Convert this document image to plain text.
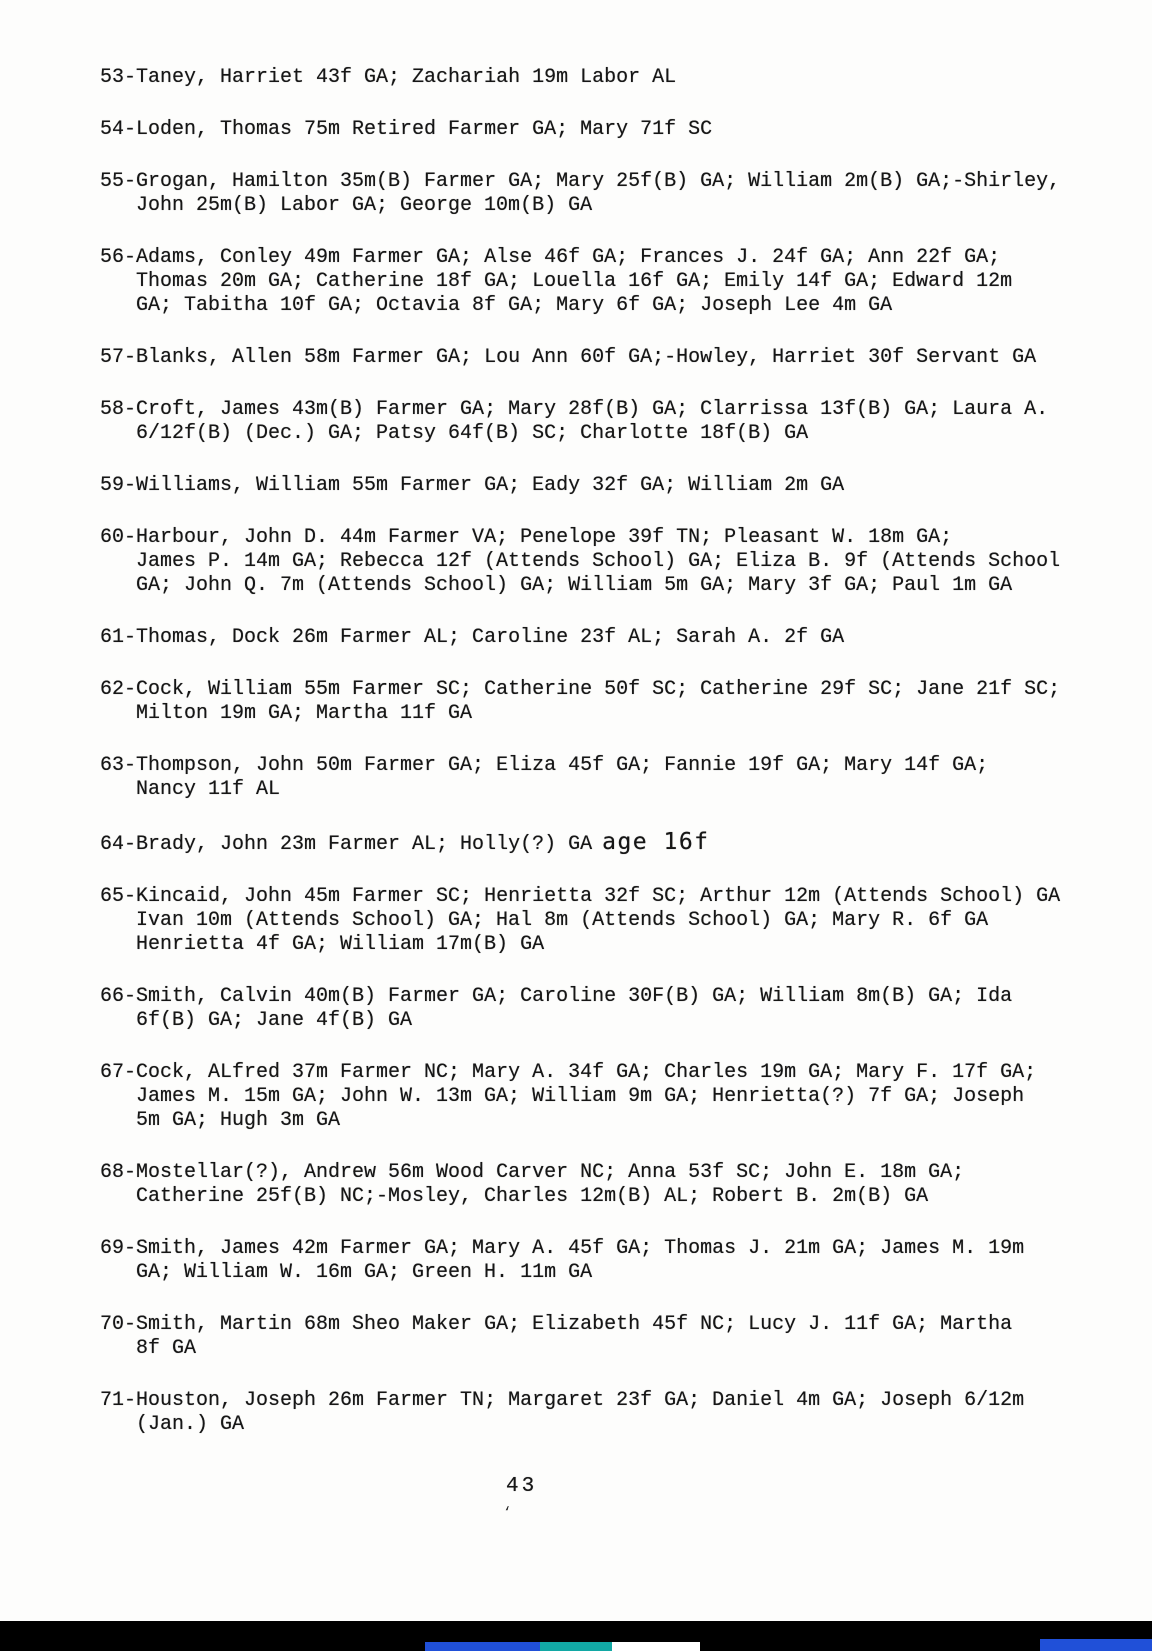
53-Taney, Harriet 43f GA; Zachariah 19m Labor AL
54-Loden, Thomas 75m Retired Farmer GA; Mary 71f SC
55-Grogan, Hamilton 35m(B) Farmer GA; Mary 25f(B) GA; William 2m(B) GA;-Shirley,
John 25m(B) Labor GA; George 10m(B) GA
56-Adams, Conley 49m Farmer GA; Alse 46f GA; Frances J. 24f GA; Ann 22f GA;
Thomas 20m GA; Catherine 18f GA; Louella 16f GA; Emily 14f GA; Edward 12m
GA; Tabitha 10f GA; Octavia 8f GA; Mary 6f GA; Joseph Lee 4m GA
57-Blanks, Allen 58m Farmer GA; Lou Ann 60f GA;-Howley, Harriet 30f Servant GA
58-Croft, James 43m(B) Farmer GA; Mary 28f(B) GA; Clarrissa 13f(B) GA; Laura A.
6/12f(B) (Dec.) GA; Patsy 64f(B) SC; Charlotte 18f(B) GA
59-Williams, William 55m Farmer GA; Eady 32f GA; William 2m GA
60-Harbour, John D. 44m Farmer VA; Penelope 39f TN; Pleasant W. 18m GA;
James P. 14m GA; Rebecca 12f (Attends School) GA; Eliza B. 9f (Attends School
GA; John Q. 7m (Attends School) GA; William 5m GA; Mary 3f GA; Paul 1m GA
61-Thomas, Dock 26m Farmer AL; Caroline 23f AL; Sarah A. 2f GA
62-Cock, William 55m Farmer SC; Catherine 50f SC; Catherine 29f SC; Jane 21f SC;
Milton 19m GA; Martha 11f GA
63-Thompson, John 50m Farmer GA; Eliza 45f GA; Fannie 19f GA; Mary 14f GA;
Nancy 11f AL
64-Brady, John 23m Farmer AL; Holly(?) GA age 16f
65-Kincaid, John 45m Farmer SC; Henrietta 32f SC; Arthur 12m (Attends School) GA
Ivan 10m (Attends School) GA; Hal 8m (Attends School) GA; Mary R. 6f GA
Henrietta 4f GA; William 17m(B) GA
66-Smith, Calvin 40m(B) Farmer GA; Caroline 30F(B) GA; William 8m(B) GA; Ida
6f(B) GA; Jane 4f(B) GA
67-Cock, ALfred 37m Farmer NC; Mary A. 34f GA; Charles 19m GA; Mary F. 17f GA;
James M. 15m GA; John W. 13m GA; William 9m GA; Henrietta(?) 7f GA; Joseph
5m GA; Hugh 3m GA
68-Mostellar(?), Andrew 56m Wood Carver NC; Anna 53f SC; John E. 18m GA;
Catherine 25f(B) NC;-Mosley, Charles 12m(B) AL; Robert B. 2m(B) GA
69-Smith, James 42m Farmer GA; Mary A. 45f GA; Thomas J. 21m GA; James M. 19m
GA; William W. 16m GA; Green H. 11m GA
70-Smith, Martin 68m Sheo Maker GA; Elizabeth 45f NC; Lucy J. 11f GA; Martha
8f GA
71-Houston, Joseph 26m Farmer TN; Margaret 23f GA; Daniel 4m GA; Joseph 6/12m
(Jan.) GA
43
‘
